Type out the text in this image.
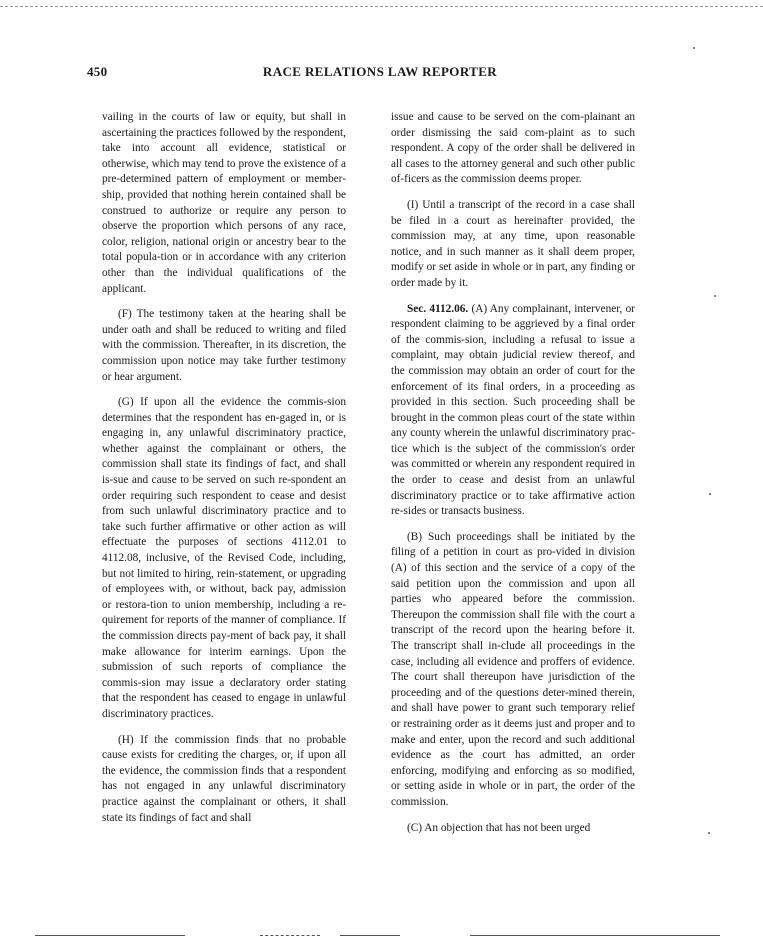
450	RACE RELATIONS LAW REPORTER

vailing in the courts of law or equity, but shall in ascertaining the practices followed by the respondent, take into account all evidence, statistical or otherwise, which may tend to prove the existence of a pre-determined pattern of employment or member-ship, provided that nothing herein contained shall be construed to authorize or require any person to observe the proportion which persons of any race, color, religion, national origin or ancestry bear to the total popula-tion or in accordance with any criterion other than the individual qualifications of the applicant.

(F) The testimony taken at the hearing shall be under oath and shall be reduced to writing and filed with the commission. Thereafter, in its discretion, the commission upon notice may take further testimony or hear argument.

(G) If upon all the evidence the commis-sion determines that the respondent has en-gaged in, or is engaging in, any unlawful discriminatory practice, whether against the complainant or others, the commission shall state its findings of fact, and shall is-sue and cause to be served on such re-spondent an order requiring such respondent to cease and desist from such unlawful discriminatory practice and to take such further affirmative or other action as will effectuate the purposes of sections 4112.01 to 4112.08, inclusive, of the Revised Code, including, but not limited to hiring, rein-statement, or upgrading of employees with, or without, back pay, admission or restora-tion to union membership, including a re-quirement for reports of the manner of compliance. If the commission directs pay-ment of back pay, it shall make allowance for interim earnings. Upon the submission of such reports of compliance the commis-sion may issue a declaratory order stating that the respondent has ceased to engage in unlawful discriminatory practices.

(H) If the commission finds that no probable cause exists for crediting the charges, or, if upon all the evidence, the commission finds that a respondent has not engaged in any unlawful discriminatory practice against the complainant or others, it shall state its findings of fact and shall

issue and cause to be served on the com-plainant an order dismissing the said com-plaint as to such respondent. A copy of the order shall be delivered in all cases to the attorney general and such other public of-ficers as the commission deems proper.

(I) Until a transcript of the record in a case shall be filed in a court as hereinafter provided, the commission may, at any time, upon reasonable notice, and in such manner as it shall deem proper, modify or set aside in whole or in part, any finding or order made by it.

Sec. 4112.06. (A) Any complainant, intervener, or respondent claiming to be aggrieved by a final order of the commis-sion, including a refusal to issue a complaint, may obtain judicial review thereof, and the commission may obtain an order of court for the enforcement of its final orders, in a proceeding as provided in this section. Such proceeding shall be brought in the common pleas court of the state within any county wherein the unlawful discriminatory prac-tice which is the subject of the commission's order was committed or wherein any respondent required in the order to cease and desist from an unlawful discriminatory practice or to take affirmative action re-sides or transacts business.

(B) Such proceedings shall be initiated by the filing of a petition in court as pro-vided in division (A) of this section and the service of a copy of the said petition upon the commission and upon all parties who appeared before the commission. Thereupon the commission shall file with the court a transcript of the record upon the hearing before it. The transcript shall in-clude all proceedings in the case, including all evidence and proffers of evidence. The court shall thereupon have jurisdiction of the proceeding and of the questions deter-mined therein, and shall have power to grant such temporary relief or restraining order as it deems just and proper and to make and enter, upon the record and such additional evidence as the court has admitted, an order enforcing, modifying and enforcing as so modified, or setting aside in whole or in part, the order of the commission.

(C) An objection that has not been urged
